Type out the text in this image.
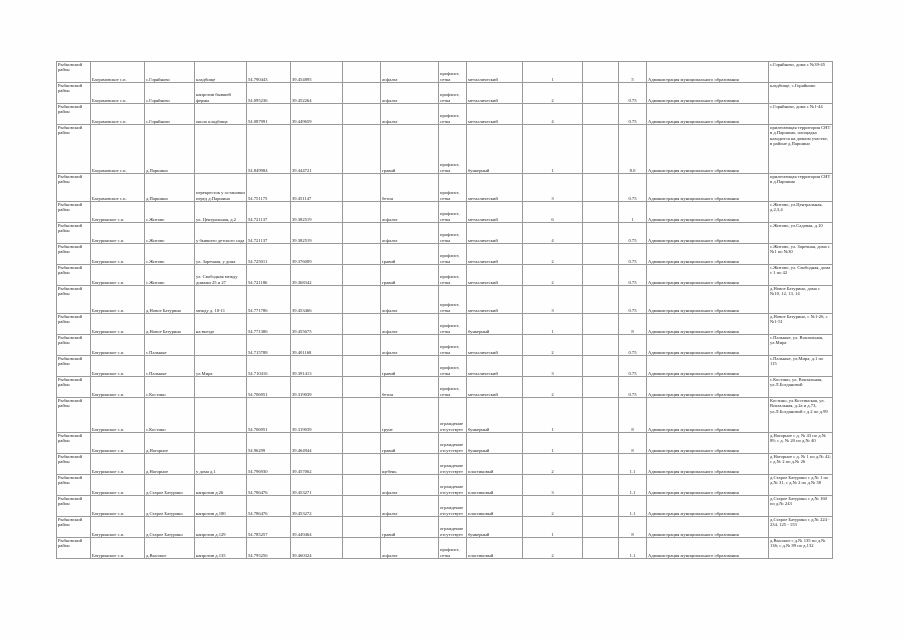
Рыбновский район	Баграмовское с.п.	с.Горяйново	кладбище	54.790443	39.454895		асфальт	профлист, сетка	металлический	1		5	Администрация муниципального образования	с.Горяйново, дома с №39-45
Рыбновский район	Баграмовское с.п.	с.Горяйново	напротив бывшей фермы	54.095236	39.452264		асфальт	профлист, сетка	металлический	2		0.75	Администрация муниципального образования	кладбище, с.Горяйново
Рыбновский район	Баграмовское с.п.	с.Горяйново	около кладбища	54.087991	39.449659		асфальт	профлист, сетка	металлический	4		0.75	Администрация муниципального образования	с.Горяйново, дома с №1-44
Рыбновский район	Баграмовское с.п.	д.Паршино		54.849984	39.444721		гравий	профлист, сетка	бункерный	1		8.0	Администрация муниципального образования	прилегающая территория СНТ в д.Паршино, площадка находится на дачном участке, в районе д.Паршино
Рыбновский район	Баграмовское с.п.	д.Паршино	перекресток у остановки перед д.Паршино	54.751175	39.451147		бетон	профлист, сетка	металлический	3		0.75	Администрация муниципального образования	прилегающая территория СНТ в д.Паршино
Рыбновский район	Батуринское с.п.	с.Житово	ул. Центральная, д.2	54.721137	39.382519		асфальт	профлист, сетка	металлический	6		1	Администрация муниципального образования	с.Житово, ул.Центральная, д.2,3,4
Рыбновский район	Батуринское с.п.	с.Житово	у бывшего детского сада	54.721137	39.382519		асфальт	профлист, сетка	металлический	4		0.75	Администрация муниципального образования	с.Житово, ул.Садовая, д.10
Рыбновский район	Батуринское с.п.	с.Житово	ул. Заречная, у дома	54.725011	39.376009		гравий	профлист, сетка	металлический	2		0.75	Администрация муниципального образования	с.Житово, ул. Заречная, дома с №1 по №30
Рыбновский район	Батуринское с.п.	с.Житово	ул. Свободная между домами 25 и 27	54.721186	39.368342		гравий	профлист, сетка	металлический	2		0.75	Администрация муниципального образования	с.Житово, ул. Свободная, дома с 1 по 42
Рыбновский район	Батуринское с.п.	д.Новое Батурино	между д. 10-11	54.771786	39.453466		асфальт	профлист, сетка	металлический	3		0.75	Администрация муниципального образования	д.Новое Батурино, дома с №10, 12, 13, 14
Рыбновский район	Батуринское с.п.	д.Новое Батурино	на въезде	54.771386	39.455675		асфальт	профлист, сетка	бункерный	1		8	Администрация муниципального образования	д.Новое Батурино, с №1-26, с №1-51
Рыбновский район	Батуринское с.п.	с.Пальные		54.715788	39.401168		асфальт	профлист, сетка	металлический	2		0.75	Администрация муниципального образования	с.Пальные, ул. Вокзальная, ул.Мира
Рыбновский район	Батуринское с.п.	с.Пальные	ул.Мира	54.710416	39.391413		гравий	профлист, сетка	металлический	3		0.75	Администрация муниципального образования	с.Пальные, ул.Мира, д.1 по 115
Рыбновский район	Батуринское с.п.	с.Костино		54.706951	39.319039		бетон	профлист, сетка	металлический	2		0.75	Администрация муниципального образования	с.Костино, ул. Вокзальная, ул.Л.Богдановой
Рыбновский район	Батуринское с.п.	с.Костино		54.706951	39.319039		грунт	ограждение отсутствует	бункерный	1		8	Администрация муниципального образования	Костино, ул.Костинская, ул. Вокзальная, д.2а и д.73, ул.Л.Богдановой с д.2 по д.99
Рыбновский район	Батуринское с.п.	д.Нагорное		54.96299	39.464944		гравий	ограждение отсутствует	бункерный	1		8	Администрация муниципального образования	д.Нагорное с д. № 43 по д.№ 89; с д. № 20 по д.№ 40
Рыбновский район	Батуринское с.п.	д.Нагорное	у дома д.1	54.796930	39.457062		щебень	ограждение отсутствует	пластиковый	2		1.1	Администрация муниципального образования	д.Нагорное с д. № 1 по д.№ 42; с д.№ 2 по д.№ 26
Рыбновский район	Батуринское с.п.	д.Старое Батурино	напротив д.26	54.786476	39.453271		асфальт	ограждение отсутствует	пластиковый	3		1.1	Администрация муниципального образования	д.Старое Батурино с д.№ 1 по д.№ 31, с д.№ 2 по д.№ 58
Рыбновский район	Батуринское с.п.	д.Старое Батурино	напротив д.180	54.786476	39.453272		асфальт	ограждение отсутствует	пластиковый	2		1.1	Администрация муниципального образования	д.Старое Батурино с д.№ 160 по д.№ 243
Рыбновский район	Батуринское с.п.	д.Старое Батурино	напротив д.129	54.785257	39.449464		гравий	ограждение отсутствует	бункерный	1		8	Администрация муниципального образования	д.Старое Батурино с д.№ 224 - 234, 125 - 153
Рыбновский район	Батуринское с.п.	д.Высокое	напротив д.135	54.795256	39.460324		асфальт	профлист, сетка	пластиковый	2		1.1	Администрация муниципального образования	д.Высокое с д.№ 135 по д.№ 136; с д.№ 89 по д.132
